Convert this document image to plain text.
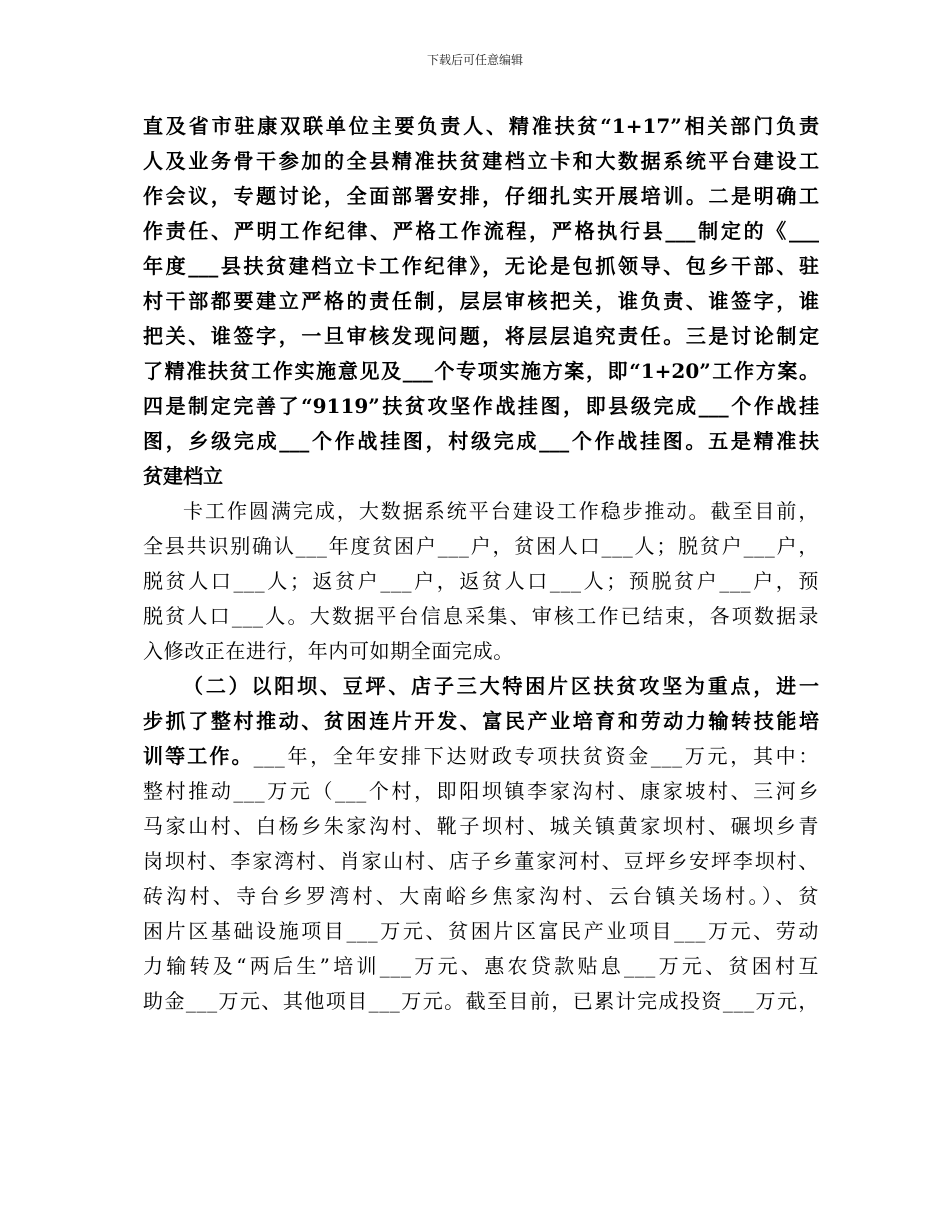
下载后可任意编辑
直及省市驻康双联单位主要负责人、精准扶贫“1+17”相关部门负责
人及业务骨干参加的全县精准扶贫建档立卡和大数据系统平台建设工
作会议，专题讨论，全面部署安排，仔细扎实开展培训。二是明确工
作责任、严明工作纪律、严格工作流程，严格执行县___制定的《___
年度___县扶贫建档立卡工作纪律》，无论是包抓领导、包乡干部、驻
村干部都要建立严格的责任制，层层审核把关，谁负责、谁签字，谁
把关、谁签字，一旦审核发现问题，将层层追究责任。三是讨论制定
了精准扶贫工作实施意见及___个专项实施方案，即“1+20”工作方案。
四是制定完善了“9119”扶贫攻坚作战挂图，即县级完成___个作战挂
图，乡级完成___个作战挂图，村级完成___个作战挂图。五是精准扶
贫建档立
卡工作圆满完成，大数据系统平台建设工作稳步推动。截至目前，
全县共识别确认___年度贫困户___户，贫困人口___人；脱贫户___户，
脱贫人口___人；返贫户___户，返贫人口___人；预脱贫户___户，预
脱贫人口___人。大数据平台信息采集、审核工作已结束，各项数据录
入修改正在进行，年内可如期全面完成。
（二）以阳坝、豆坪、店子三大特困片区扶贫攻坚为重点，进一
步抓了整村推动、贫困连片开发、富民产业培育和劳动力输转技能培
训等工作。___年，全年安排下达财政专项扶贫资金___万元，其中：
整村推动___万元（___个村，即阳坝镇李家沟村、康家坡村、三河乡
马家山村、白杨乡朱家沟村、靴子坝村、城关镇黄家坝村、碾坝乡青
岗坝村、李家湾村、肖家山村、店子乡董家河村、豆坪乡安坪李坝村、
砖沟村、寺台乡罗湾村、大南峪乡焦家沟村、云台镇关场村。）、贫
困片区基础设施项目___万元、贫困片区富民产业项目___万元、劳动
力输转及“两后生”培训___万元、惠农贷款贴息___万元、贫困村互
助金___万元、其他项目___万元。截至目前，已累计完成投资___万元，
